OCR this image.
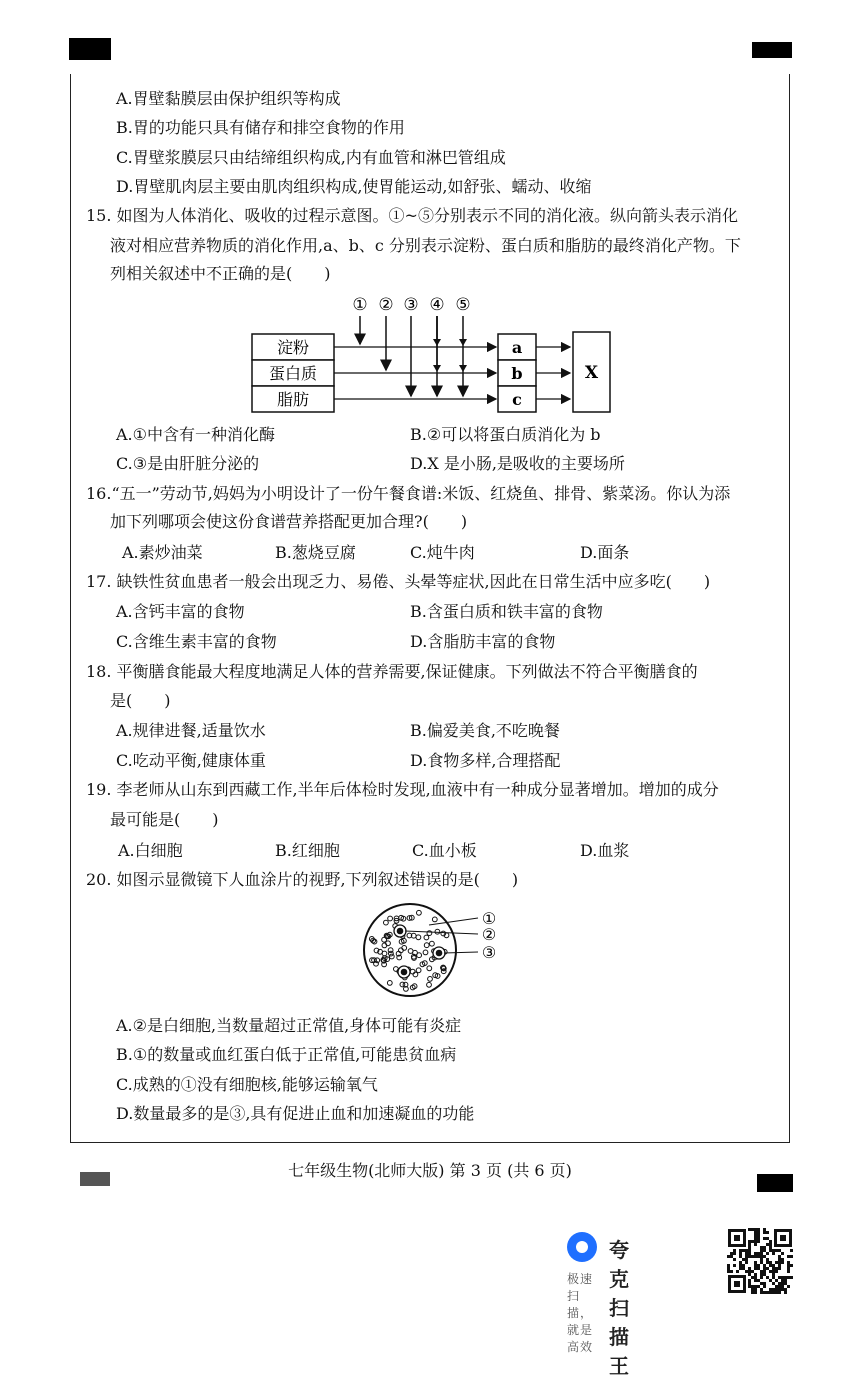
A.胃壁黏膜层由保护组织等构成
B.胃的功能只具有储存和排空食物的作用
C.胃壁浆膜层只由结缔组织构成,内有血管和淋巴管组成
D.胃壁肌肉层主要由肌肉组织构成,使胃能运动,如舒张、蠕动、收缩
15. 如图为人体消化、吸收的过程示意图。①~⑤分别表示不同的消化液。纵向箭头表示消化
液对相应营养物质的消化作用,a、b、c 分别表示淀粉、蛋白质和脂肪的最终消化产物。下
列相关叙述中不正确的是(　　)
① ② ③ ④ ⑤
淀粉
蛋白质
脂肪
a
b
c
X
A.①中含有一种消化酶	B.②可以将蛋白质消化为 b
C.③是由肝脏分泌的	D.X 是小肠,是吸收的主要场所
16.“五一”劳动节,妈妈为小明设计了一份午餐食谱:米饭、红烧鱼、排骨、紫菜汤。你认为添
加下列哪项会使这份食谱营养搭配更加合理?(　　)
A.素炒油菜	B.葱烧豆腐	C.炖牛肉	D.面条
17. 缺铁性贫血患者一般会出现乏力、易倦、头晕等症状,因此在日常生活中应多吃(　　)
A.含钙丰富的食物	B.含蛋白质和铁丰富的食物
C.含维生素丰富的食物	D.含脂肪丰富的食物
18. 平衡膳食能最大程度地满足人体的营养需要,保证健康。下列做法不符合平衡膳食的
是(　　)
A.规律进餐,适量饮水	B.偏爱美食,不吃晚餐
C.吃动平衡,健康体重	D.食物多样,合理搭配
19. 李老师从山东到西藏工作,半年后体检时发现,血液中有一种成分显著增加。增加的成分
最可能是(　　)
A.白细胞	B.红细胞	C.血小板	D.血浆
20. 如图示显微镜下人血涂片的视野,下列叙述错误的是(　　)
①
②
③
A.②是白细胞,当数量超过正常值,身体可能有炎症
B.①的数量或血红蛋白低于正常值,可能患贫血病
C.成熟的①没有细胞核,能够运输氧气
D.数量最多的是③,具有促进止血和加速凝血的功能
七年级生物(北师大版) 第 3 页 (共 6 页)
夸克扫描王
极速扫描，就是高效
